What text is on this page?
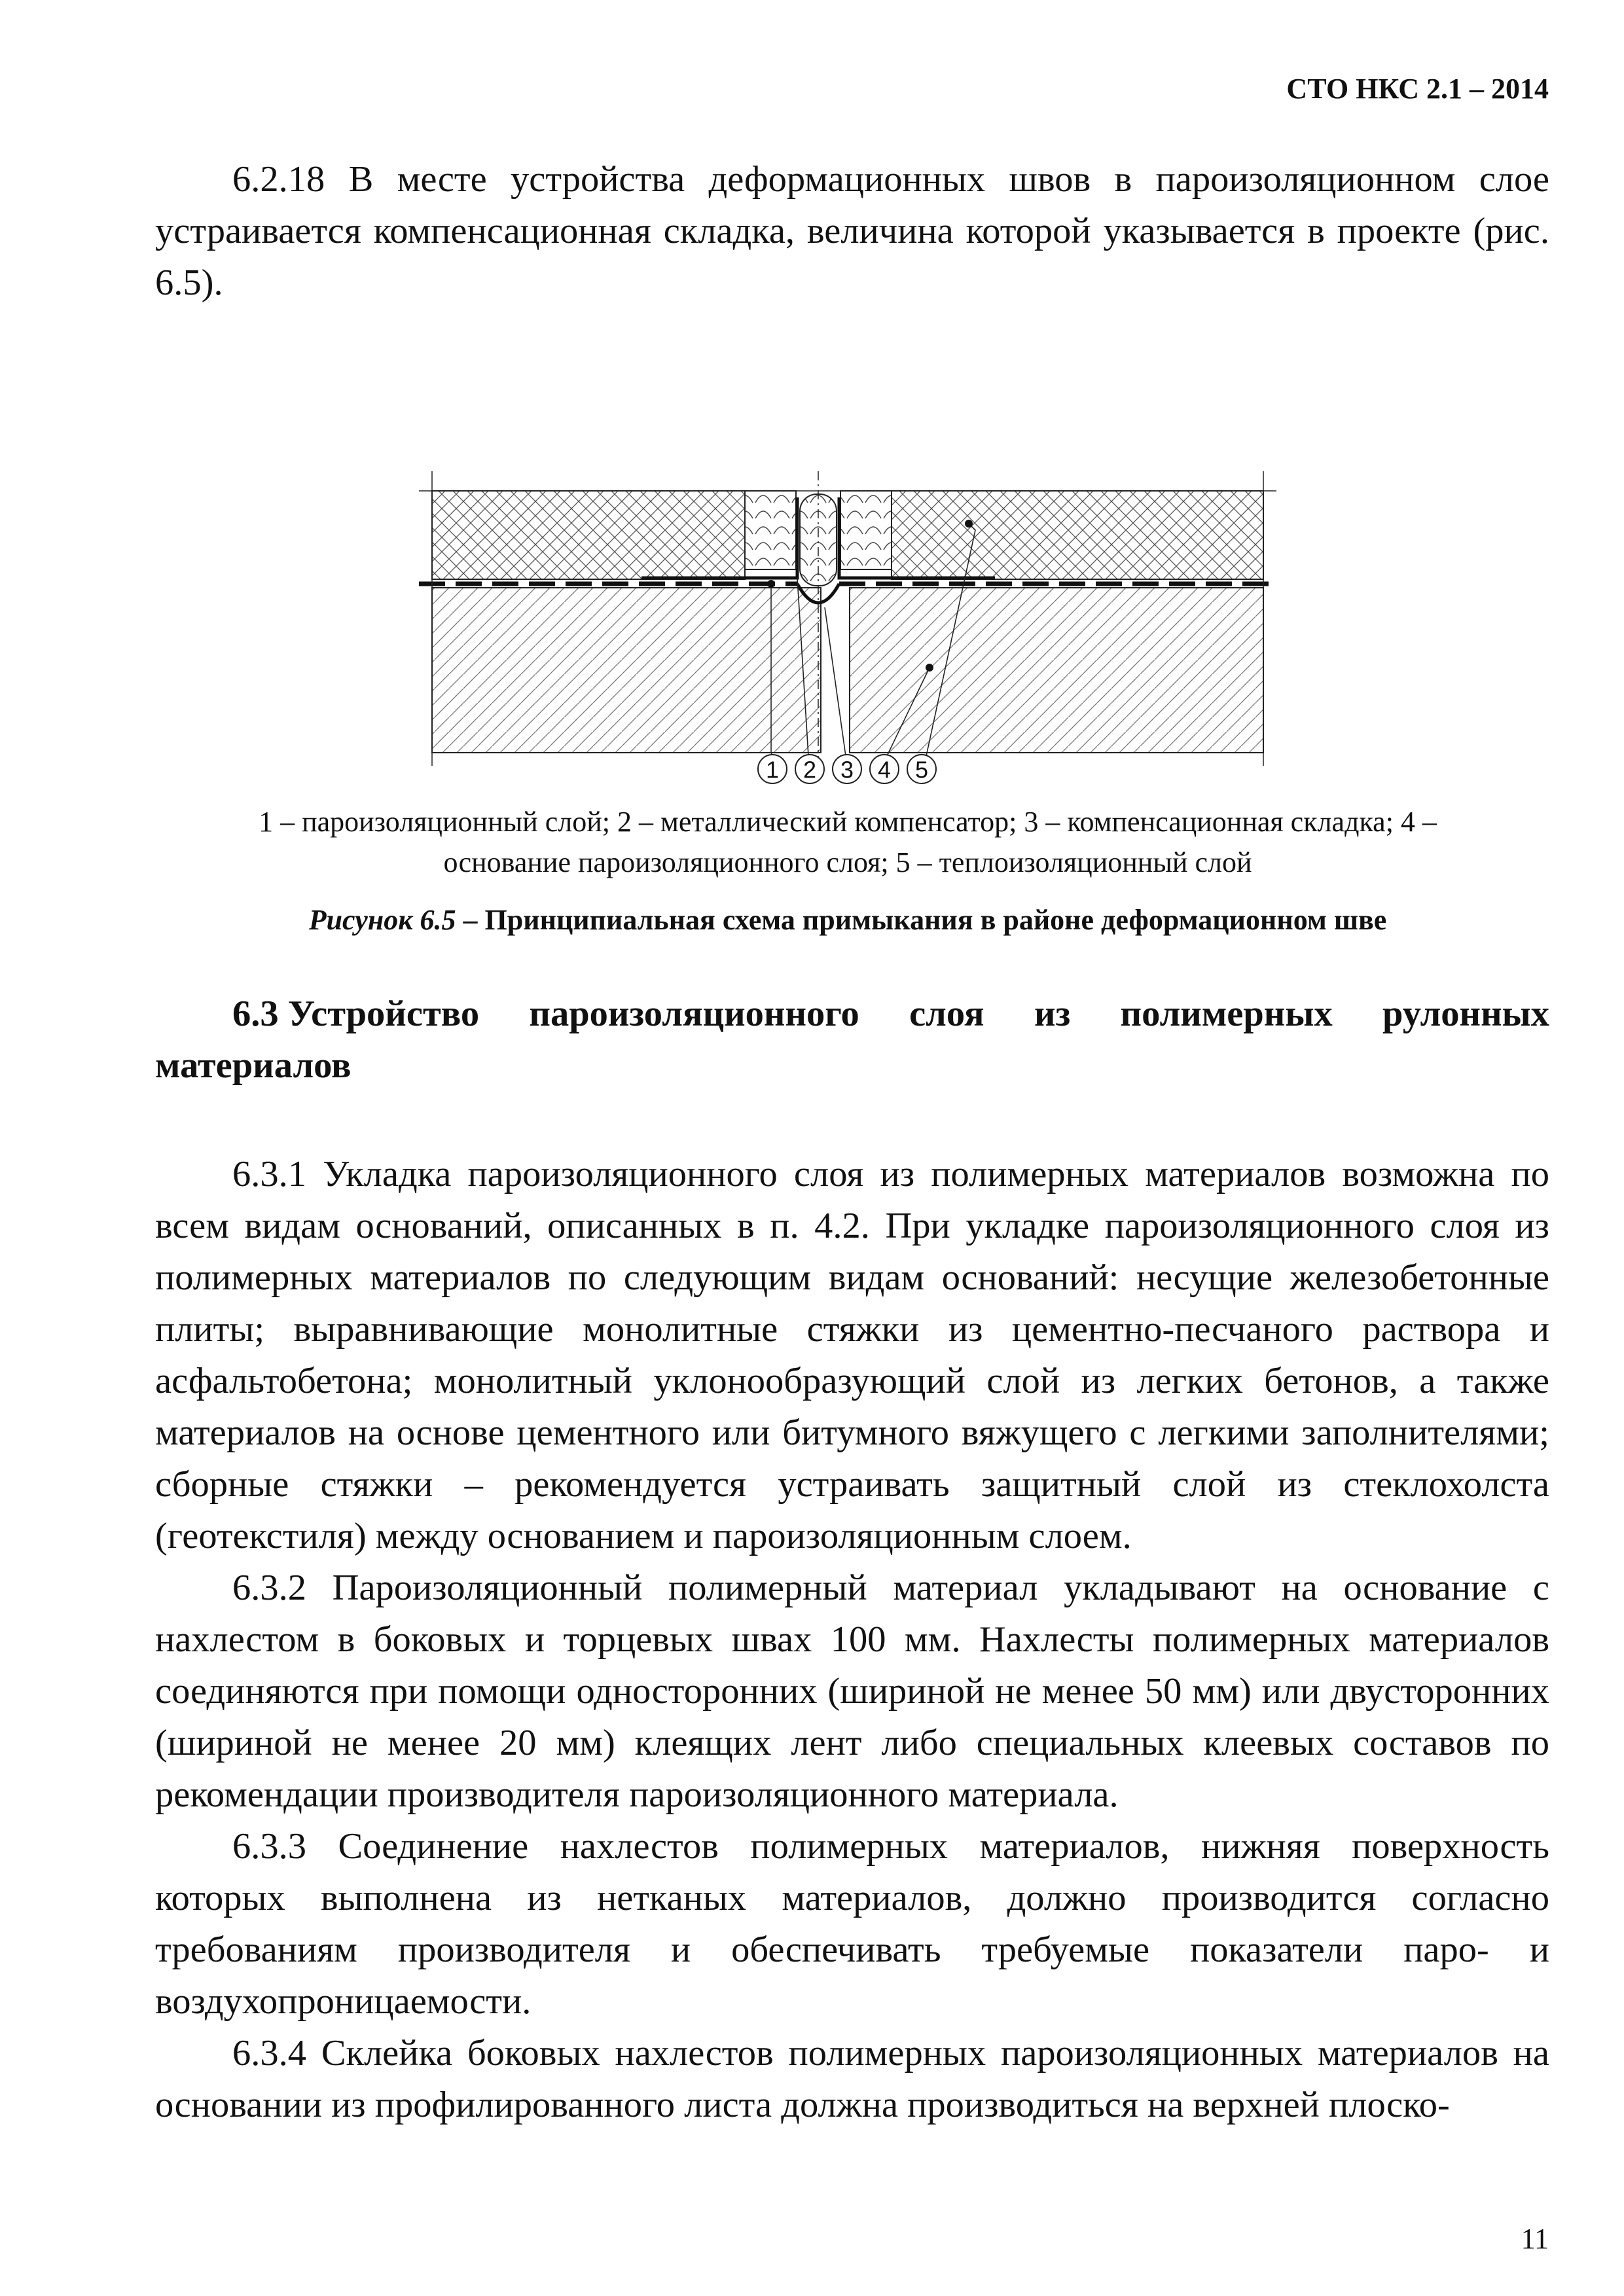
СТО НКС 2.1 – 2014

6.2.18 В месте устройства деформационных швов в пароизоляционном слое устраивается компенсационная складка, величина которой указывается в проекте (рис. 6.5).

1 2 3 4 5
1 – пароизоляционный слой; 2 – металлический компенсатор; 3 – компенсационная складка; 4 –
основание пароизоляционного слоя; 5 – теплоизоляционный слой
Рисунок 6.5 – Принципиальная схема примыкания в районе деформационном шве
6.3 Устройство пароизоляционного слоя из полимерных рулонных
материалов

6.3.1 Укладка пароизоляционного слоя из полимерных материалов возможна по всем видам оснований, описанных в п. 4.2. При укладке пароизоляционного слоя из полимерных материалов по следующим видам оснований: несущие железобетонные плиты; выравнивающие монолитные стяжки из цементно-песчаного раствора и асфальтобетона; монолитный уклонообразующий слой из легких бетонов, а также материалов на основе цементного или битумного вяжущего с легкими заполнителями; сборные стяжки – рекомендуется устраивать защитный слой из стеклохолста (геотекстиля) между основанием и пароизоляционным слоем.

6.3.2 Пароизоляционный полимерный материал укладывают на основание с нахлестом в боковых и торцевых швах 100 мм. Нахлесты полимерных материалов соединяются при помощи односторонних (шириной не менее 50 мм) или двусторонних (шириной не менее 20 мм) клеящих лент либо специальных клеевых составов по рекомендации производителя пароизоляционного материала.

6.3.3 Соединение нахлестов полимерных материалов, нижняя поверхность которых выполнена из нетканых материалов, должно производится согласно требованиям производителя и обеспечивать требуемые показатели паро- и воздухопроницаемости.

6.3.4 Склейка боковых нахлестов полимерных пароизоляционных материалов на основании из профилированного листа должна производиться на верхней плоско-

11
